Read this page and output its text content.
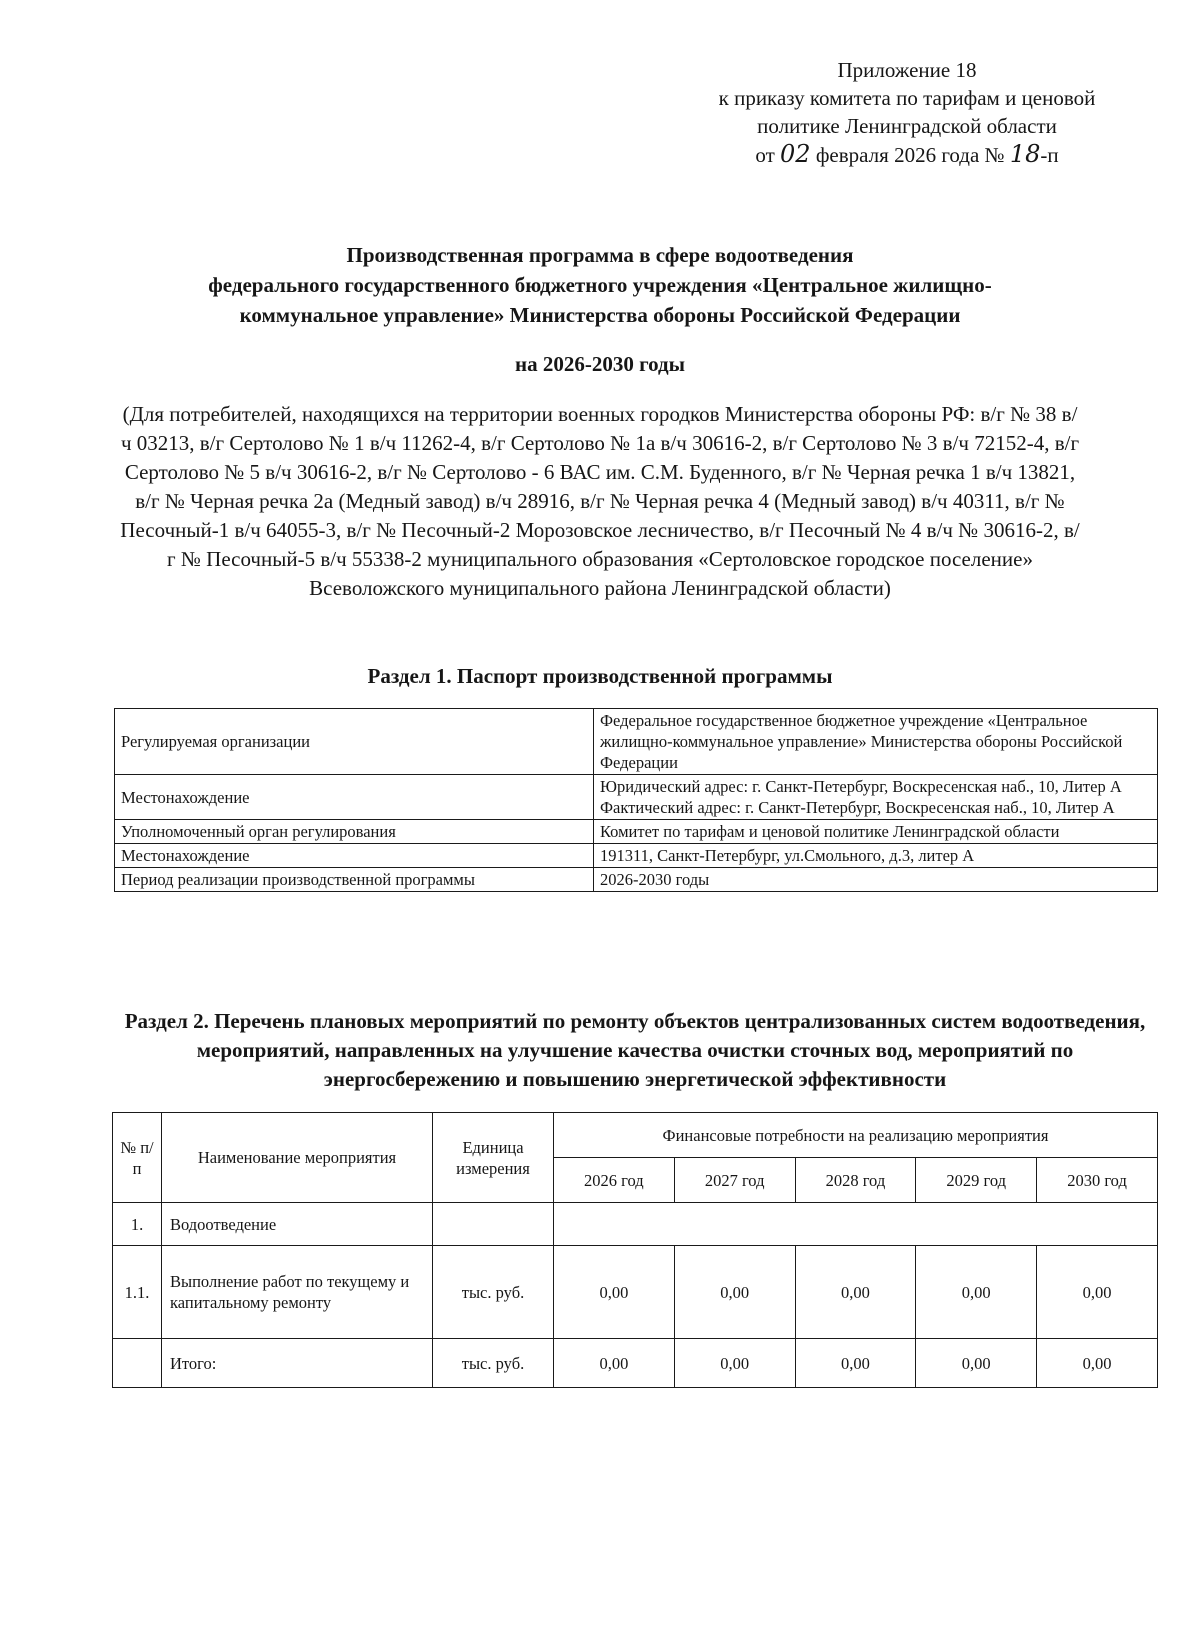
Приложение 18
к приказу комитета по тарифам и ценовой
политике Ленинградской области
от 02 февраля 2026 года № 18-п
Производственная программа в сфере водоотведения
федерального государственного бюджетного учреждения «Центральное жилищно-
коммунальное управление» Министерства обороны Российской Федерации
на 2026-2030 годы
(Для потребителей, находящихся на территории военных городков Министерства обороны РФ: в/г № 38 в/ч 03213, в/г Сертолово № 1 в/ч 11262-4, в/г Сертолово № 1а в/ч 30616-2, в/г Сертолово № 3 в/ч 72152-4, в/г Сертолово № 5 в/ч 30616-2, в/г № Сертолово - 6 ВАС им. С.М. Буденного, в/г № Черная речка 1 в/ч 13821, в/г № Черная речка 2а (Медный завод) в/ч 28916, в/г № Черная речка 4 (Медный завод) в/ч 40311, в/г № Песочный-1 в/ч 64055-3, в/г № Песочный-2 Морозовское лесничество, в/г Песочный № 4 в/ч № 30616-2, в/г № Песочный-5 в/ч 55338-2 муниципального образования «Сертоловское городское поселение» Всеволожского муниципального района Ленинградской области)
Раздел 1. Паспорт производственной программы
Регулируемая организации	Федеральное государственное бюджетное учреждение «Центральное жилищно-коммунальное управление» Министерства обороны Российской Федерации
Местонахождение	Юридический адрес: г. Санкт-Петербург, Воскресенская наб., 10, Литер А
Фактический адрес: г. Санкт-Петербург, Воскресенская наб., 10, Литер А

Уполномоченный орган регулирования	Комитет по тарифам и ценовой политике Ленинградской области
Местонахождение	191311, Санкт-Петербург, ул.Смольного, д.3, литер А
Период реализации производственной программы	2026-2030 годы
Раздел 2. Перечень плановых мероприятий по ремонту объектов централизованных систем водоотведения, мероприятий, направленных на улучшение качества очистки сточных вод, мероприятий по энергосбережению и повышению энергетической эффективности
№ п/п	Наименование мероприятия	Единица измерения	Финансовые потребности на реализацию мероприятия				
			2026 год	2027 год	2028 год	2029 год	2030 год
1.	Водоотведение						
1.1.	Выполнение работ по текущему и капитальному ремонту	тыс. руб.	0,00	0,00	0,00	0,00	0,00
	Итого:	тыс. руб.	0,00	0,00	0,00	0,00	0,00
